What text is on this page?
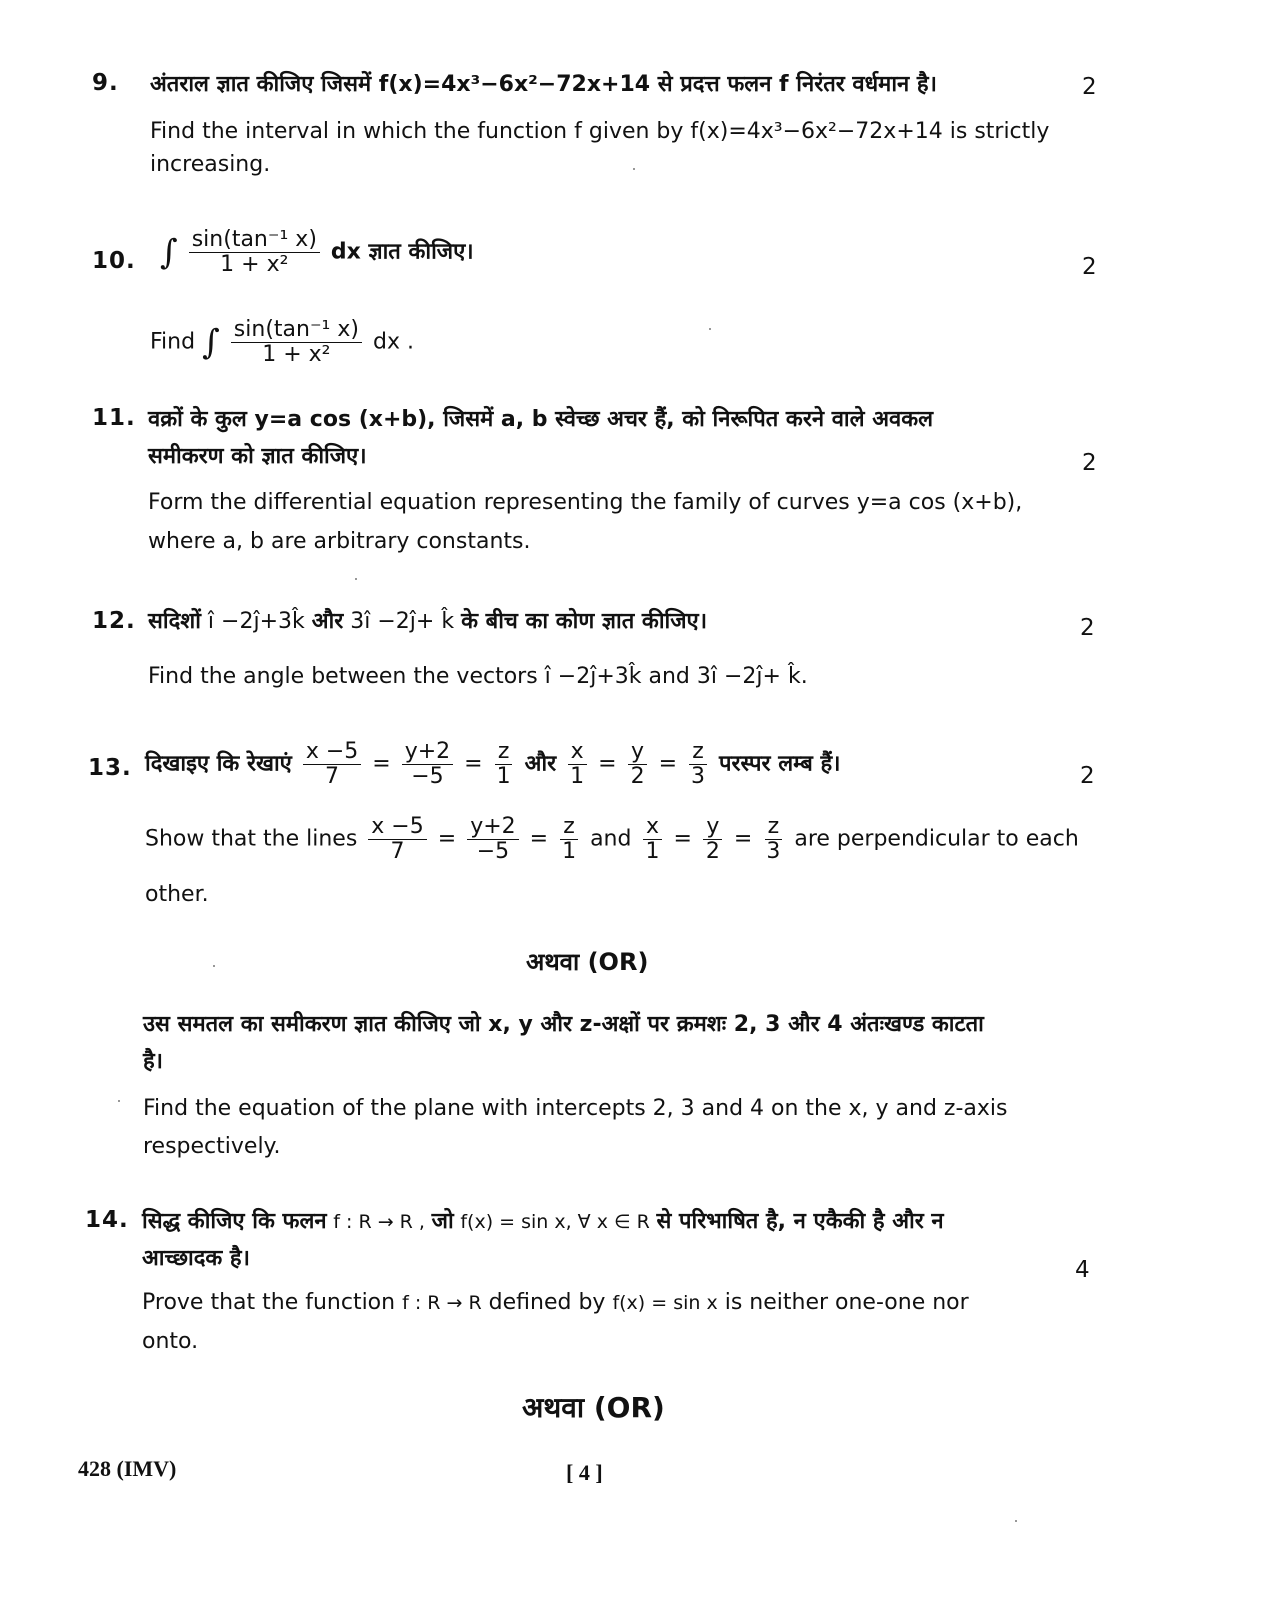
9. अंतराल ज्ञात कीजिए जिसमें f(x)=4x³−6x²−72x+14 से प्रदत्त फलन f निरंतर वर्धमान है।	2
Find the interval in which the function f given by f(x)=4x³−6x²−72x+14 is strictly
increasing.
10. ∫ $\frac{\text{sin(tan⁻¹ x)}}{\text{1 + x²}}$ dx ज्ञात कीजिए।
2
Find ∫ $\frac{\text{sin(tan⁻¹ x)}}{\text{1 + x²}}$ dx .
11. वक्रों के कुल y=a cos (x+b), जिसमें a, b स्वेच्छ अचर हैं, को निरूपित करने वाले अवकल
समीकरण को ज्ञात कीजिए।	2
Form the differential equation representing the family of curves y=a cos (x+b),
where a, b are arbitrary constants.
12. सदिशों î −2ĵ+3k̂ और 3î −2ĵ+ k̂ के बीच का कोण ज्ञात कीजिए।	2
Find the angle between the vectors î −2ĵ+3k̂ and 3î −2ĵ+ k̂.
13. दिखाइए कि रेखाएं $\frac{x -5}{7} = \frac{y+2}{-5} = \frac{z}{1}$ और $\frac{x}{1} = \frac{y}{2} = \frac{z}{3}$ परस्पर लम्ब हैं।	2
Show that the lines $\frac{x -5}{7} = \frac{y+2}{-5} = \frac{z}{1}$ and $\frac{x}{1} = \frac{y}{2} = \frac{z}{3}$ are perpendicular to each
other.
अथवा (OR)
उस समतल का समीकरण ज्ञात कीजिए जो x, y और z-अक्षों पर क्रमशः 2, 3 और 4 अंतःखण्ड काटता
है।
Find the equation of the plane with intercepts 2, 3 and 4 on the x, y and z-axis
respectively.
14. सिद्ध कीजिए कि फलन f : R → R , जो f(x) = sin x, ∀ x ∈ R से परिभाषित है, न एकैकी है और न
आच्छादक है।	4
Prove that the function f : R → R defined by f(x) = sin x is neither one-one nor
onto.
अथवा (OR)
428 (IMV)	[ 4 ]
